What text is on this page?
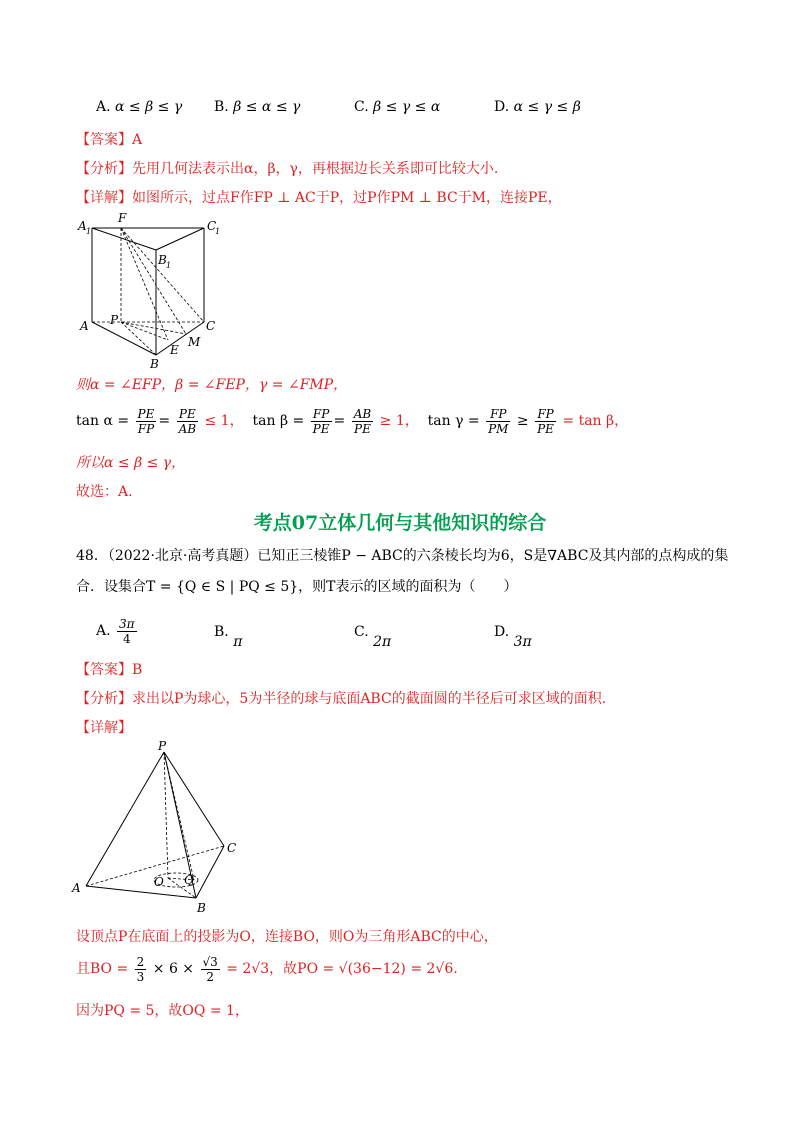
A. α ≤ β ≤ γ B. β ≤ α ≤ γ	C. β ≤ γ ≤ α	D. α ≤ γ ≤ β
【答案】A
【分析】先用几何法表示出α，β，γ，再根据边长关系即可比较大小.
【详解】如图所示，过点F作FP ⊥ AC于P，过P作PM ⊥ BC于M，连接PE，
A 1
F
C
1
B 1
A P	C
M
E
B
则α = ∠EFP，β = ∠FEP，γ = ∠FMP，
$\tan \alpha = \frac{PE}{FP} = \frac{PE}{AB} \le 1$， $\tan \beta = \frac{FP}{PE} = \frac{AB}{PE} \ge 1$， $\tan \gamma = \frac{FP}{PM} \ge \frac{FP}{PE} = \tan \beta$，
所以α ≤ β ≤ γ，
故选：A.
考点07立体几何与其他知识的综合
48．（2022·北京·高考真题）已知正三棱锥P − ABC的六条棱长均为6，S是∇ABC及其内部的点构成的集
合．设集合T = {Q ∈ S | PQ ≤ 5}，则T表示的区域的面积为（　　）
A. $\frac{3\pi}{4}$	B. π
C. 2π
D. 3π
【答案】B
【分析】求出以P为球心，5为半径的球与底面ABC的截面圆的半径后可求区域的面积.
【详解】
P
C
A
B
O Q
设顶点P在底面上的投影为O，连接BO，则O为三角形ABC的中心，
且BO = $\frac{2}{3} \times 6 \times \frac{√3}{2} = 2√3$，故PO = √(36−12) = 2√6.
因为PQ = 5，故OQ = 1，
